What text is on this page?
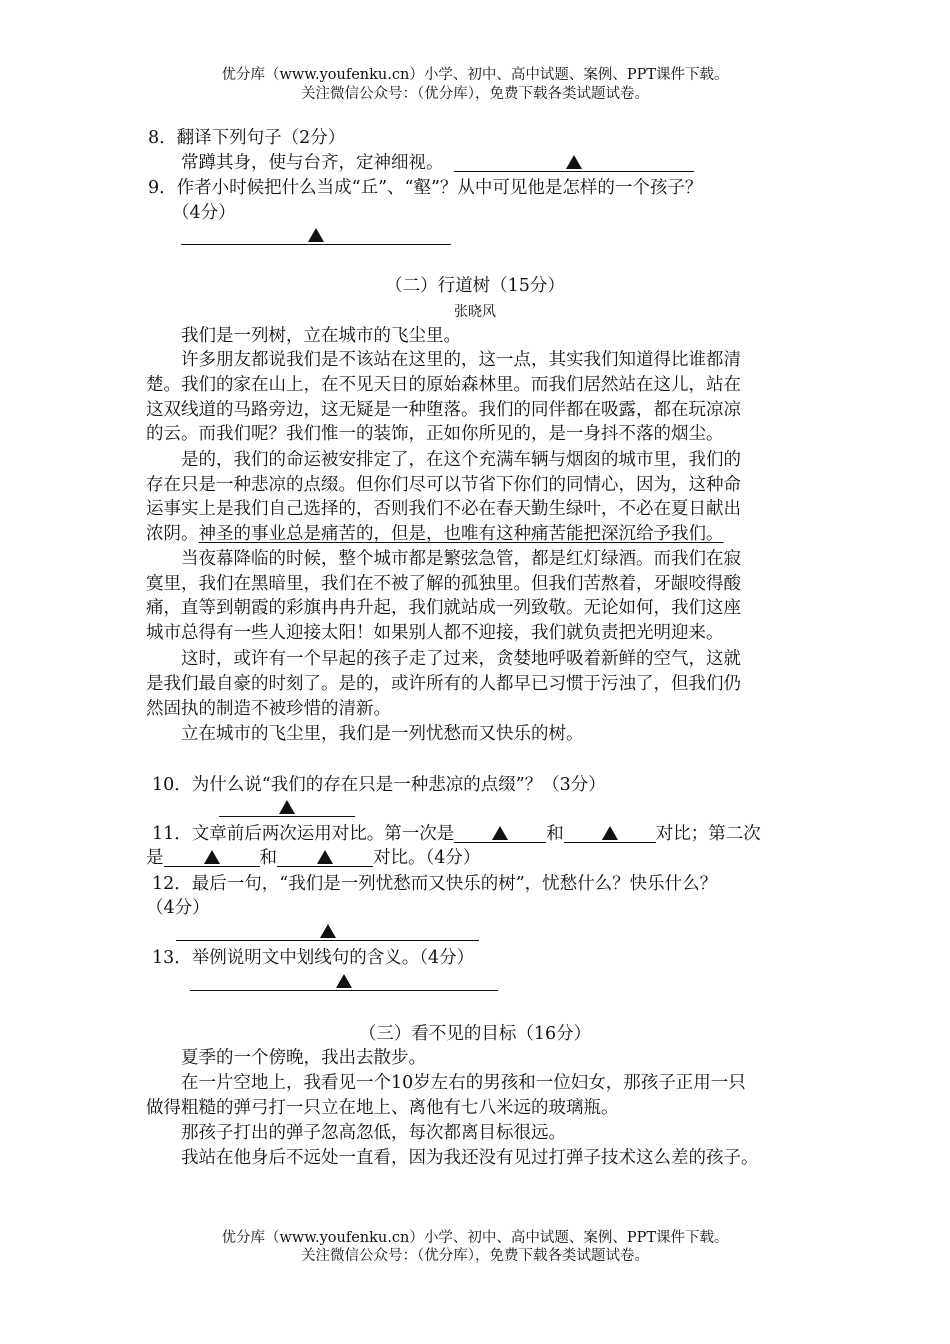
优分库（www.youfenku.cn）小学、初中、高中试题、案例、PPT课件下载。
关注微信公众号：（优分库），免费下载各类试题试卷。
8．翻译下列句子（2分）
常蹲其身，使与台齐，定神细视。
9．作者小时候把什么当成“丘”、“壑”？从中可见他是怎样的一个孩子？
（4分）
（二）行道树（15分）
张晓风
我们是一列树，立在城市的飞尘里。
许多朋友都说我们是不该站在这里的，这一点，其实我们知道得比谁都清
楚。我们的家在山上，在不见天日的原始森林里。而我们居然站在这儿，站在
这双线道的马路旁边，这无疑是一种堕落。我们的同伴都在吸露，都在玩凉凉
的云。而我们呢？我们惟一的装饰，正如你所见的，是一身抖不落的烟尘。
是的，我们的命运被安排定了，在这个充满车辆与烟囱的城市里，我们的
存在只是一种悲凉的点缀。但你们尽可以节省下你们的同情心，因为，这种命
运事实上是我们自己选择的，否则我们不必在春天勤生绿叶，不必在夏日献出
浓阴。神圣的事业总是痛苦的，但是，也唯有这种痛苦能把深沉给予我们。
当夜幕降临的时候，整个城市都是繁弦急管，都是红灯绿酒。而我们在寂
寞里，我们在黑暗里，我们在不被了解的孤独里。但我们苦熬着，牙龈咬得酸
痛，直等到朝霞的彩旗冉冉升起，我们就站成一列致敬。无论如何，我们这座
城市总得有一些人迎接太阳！如果别人都不迎接，我们就负责把光明迎来。
这时，或许有一个早起的孩子走了过来，贪婪地呼吸着新鲜的空气，这就
是我们最自豪的时刻了。是的，或许所有的人都早已习惯于污浊了，但我们仍
然固执的制造不被珍惜的清新。
立在城市的飞尘里，我们是一列忧愁而又快乐的树。
10．为什么说“我们的存在只是一种悲凉的点缀”？（3分）
11．文章前后两次运用对比。第一次是	和	对比；第二次
是	和	对比。（4分）
12．最后一句，“我们是一列忧愁而又快乐的树”，忧愁什么？快乐什么？
（4分）
13．举例说明文中划线句的含义。（4分）
（三）看不见的目标（16分）
夏季的一个傍晚，我出去散步。
在一片空地上，我看见一个10岁左右的男孩和一位妇女，那孩子正用一只
做得粗糙的弹弓打一只立在地上、离他有七八米远的玻璃瓶。
那孩子打出的弹子忽高忽低，每次都离目标很远。
我站在他身后不远处一直看，因为我还没有见过打弹子技术这么差的孩子。
优分库（www.youfenku.cn）小学、初中、高中试题、案例、PPT课件下载。
关注微信公众号：（优分库），免费下载各类试题试卷。
